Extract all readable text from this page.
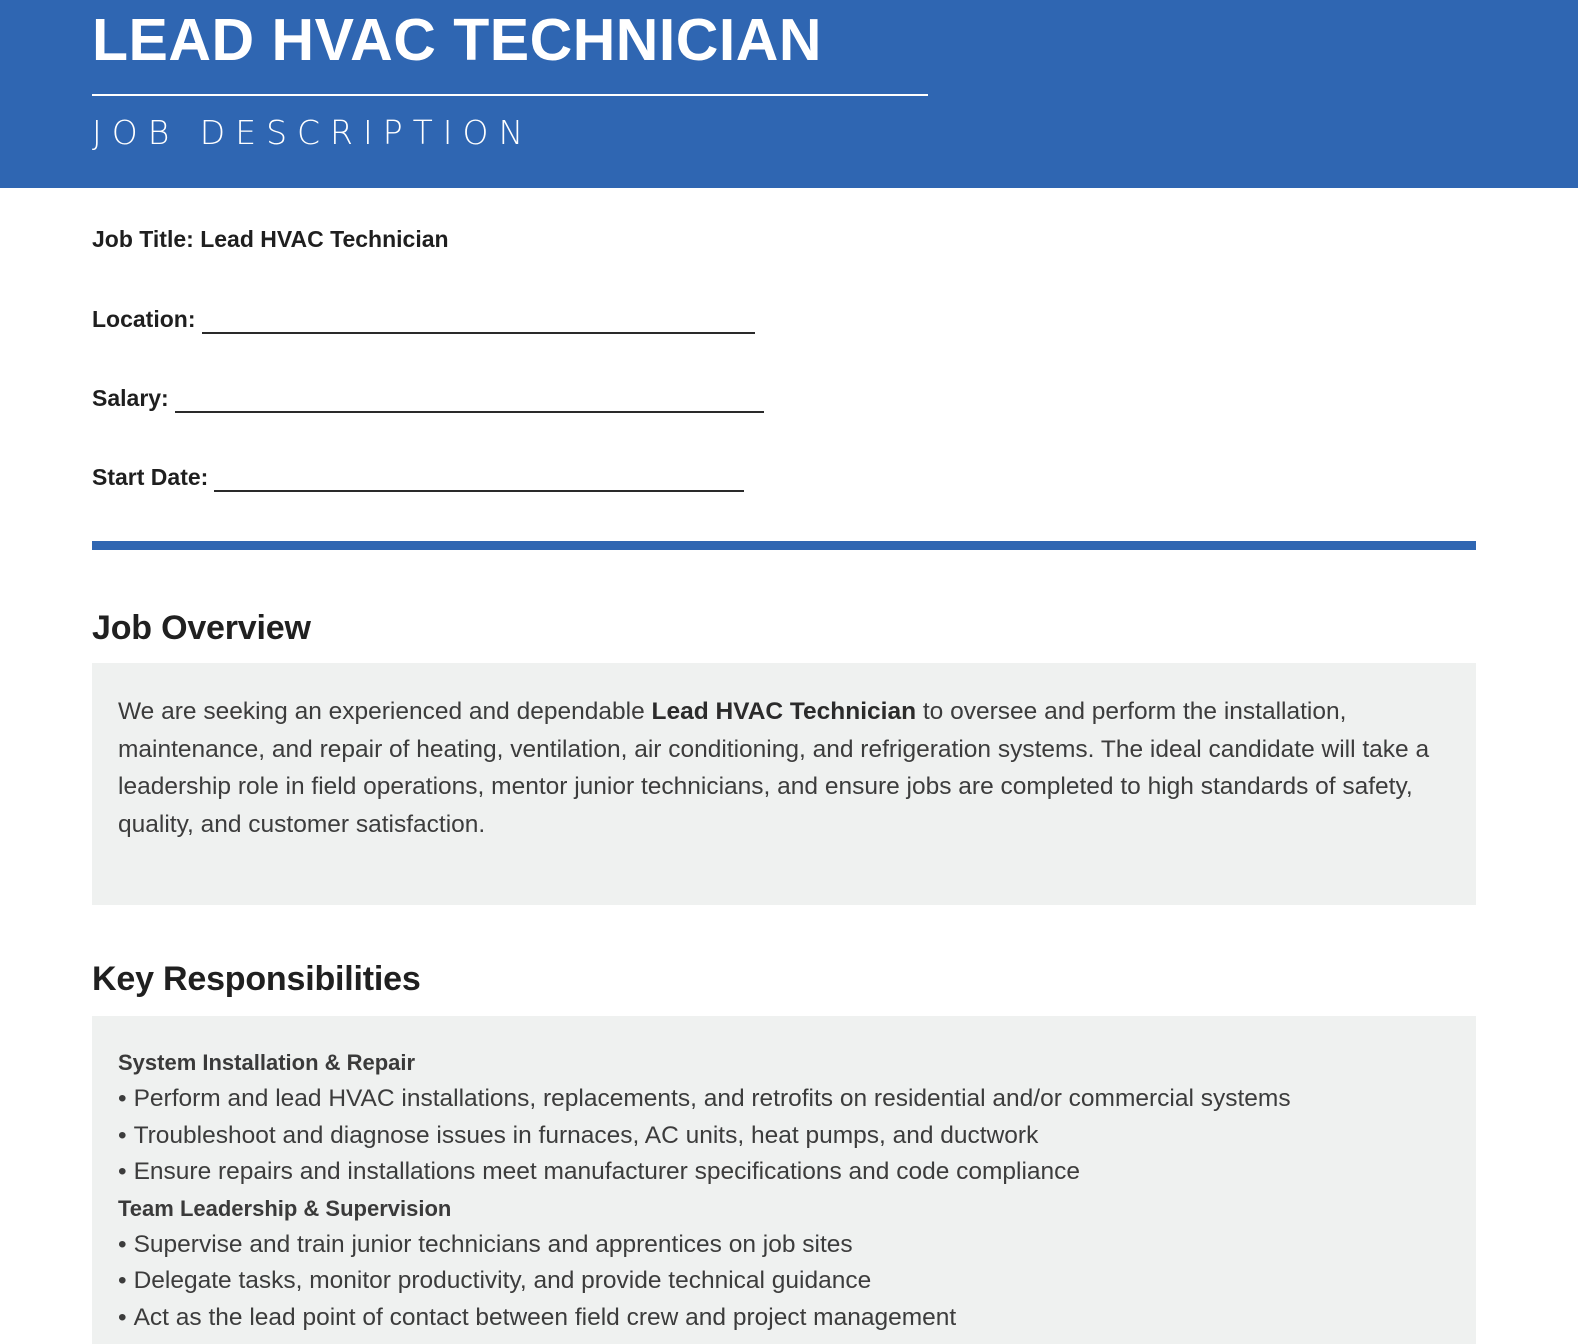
LEAD HVAC TECHNICIAN
JOB DESCRIPTION
Job Title: Lead HVAC Technician
Location:
Salary:
Start Date:
Job Overview

We are seeking an experienced and dependable Lead HVAC Technician to oversee and perform the installation, maintenance, and repair of heating, ventilation, air conditioning, and refrigeration systems. The ideal candidate will take a leadership role in field operations, mentor junior technicians, and ensure jobs are completed to high standards of safety, quality, and customer satisfaction.

Key Responsibilities

System Installation & Repair

• Perform and lead HVAC installations, replacements, and retrofits on residential and/or commercial systems

• Troubleshoot and diagnose issues in furnaces, AC units, heat pumps, and ductwork

• Ensure repairs and installations meet manufacturer specifications and code compliance

Team Leadership & Supervision

• Supervise and train junior technicians and apprentices on job sites

• Delegate tasks, monitor productivity, and provide technical guidance

• Act as the lead point of contact between field crew and project management
